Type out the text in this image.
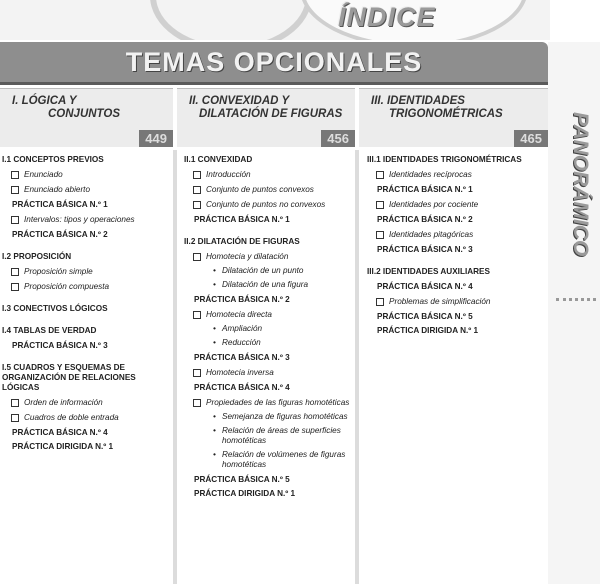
ÍNDICE
TEMAS OPCIONALES
I. LÓGICA Y
CONJUNTOS
449
II. CONVEXIDAD Y
DILATACIÓN DE FIGURAS
456
III. IDENTIDADES
TRIGONOMÉTRICAS
465
I.1 CONCEPTOS PREVIOS
Enunciado
Enunciado abierto
PRÁCTICA BÁSICA N.º 1
Intervalos: tipos y operaciones
PRÁCTICA BÁSICA N.º 2
I.2 PROPOSICIÓN
Proposición simple
Proposición compuesta
I.3 CONECTIVOS LÓGICOS
I.4 TABLAS DE VERDAD
PRÁCTICA BÁSICA N.º 3
I.5 CUADROS Y ESQUEMAS DE ORGANIZACIÓN DE RELACIONES LÓGICAS
Orden de información
Cuadros de doble entrada
PRÁCTICA BÁSICA N.º 4
PRÁCTICA DIRIGIDA N.º 1
II.1 CONVEXIDAD
Introducción
Conjunto de puntos convexos
Conjunto de puntos no convexos
PRÁCTICA BÁSICA N.º 1
II.2 DILATACIÓN DE FIGURAS
Homotecia y dilatación
• Dilatación de un punto
• Dilatación de una figura
PRÁCTICA BÁSICA N.º 2
Homotecia directa
• Ampliación
• Reducción
PRÁCTICA BÁSICA N.º 3
Homotecia inversa
PRÁCTICA BÁSICA N.º 4
Propiedades de las figuras homotéticas
• Semejanza de figuras homotéticas
• Relación de áreas de superficies homotéticas
• Relación de volúmenes de figuras homotéticas
PRÁCTICA BÁSICA N.º 5
PRÁCTICA DIRIGIDA N.º 1
III.1 IDENTIDADES TRIGONOMÉTRICAS
Identidades recíprocas
PRÁCTICA BÁSICA N.º 1
Identidades por cociente
PRÁCTICA BÁSICA N.º 2
Identidades pitagóricas
PRÁCTICA BÁSICA N.º 3
III.2 IDENTIDADES AUXILIARES
PRÁCTICA BÁSICA N.º 4
Problemas de simplificación
PRÁCTICA BÁSICA N.º 5
PRÁCTICA DIRIGIDA N.º 1
PANORÁMICO
